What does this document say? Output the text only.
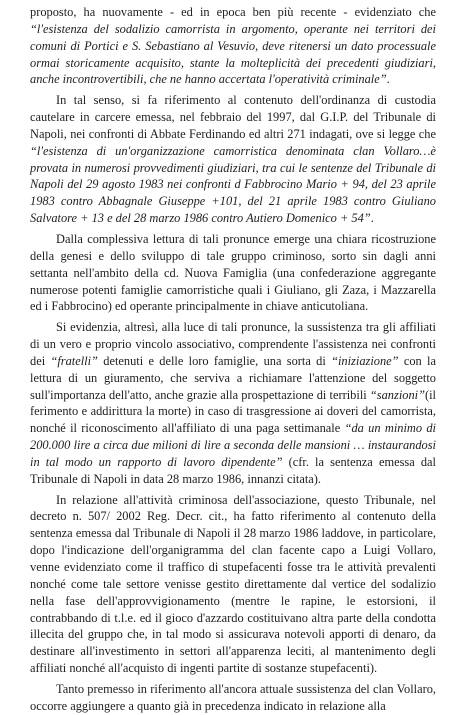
proposto, ha nuovamente - ed in epoca ben più recente - evidenziato che “l'esistenza del sodalizio camorrista in argomento, operante nei territori dei comuni di Portici e S. Sebastiano al Vesuvio, deve ritenersi un dato processuale ormai storicamente acquisito, stante la molteplicità dei precedenti giudiziari, anche incontrovertibili, che ne hanno accertata l'operatività criminale”.

In tal senso, si fa riferimento al contenuto dell'ordinanza di custodia cautelare in carcere emessa, nel febbraio del 1997, dal G.I.P. del Tribunale di Napoli, nei confronti di Abbate Ferdinando ed altri 271 indagati, ove si legge che “l'esistenza di un'organizzazione camorristica denominata clan Vollaro…è provata in numerosi provvedimenti giudiziari, tra cui le sentenze del Tribunale di Napoli del 29 agosto 1983 nei confronti d Fabbrocino Mario + 94, del 23 aprile 1983 contro Abbagnale Giuseppe +101, del 21 aprile 1983 contro Giuliano Salvatore + 13 e del 28 marzo 1986 contro Autiero Domenico + 54”.

Dalla complessiva lettura di tali pronunce emerge una chiara ricostruzione della genesi e dello sviluppo di tale gruppo criminoso, sorto sin dagli anni settanta nell'ambito della cd. Nuova Famiglia (una confederazione aggregante numerose potenti famiglie camorristiche quali i Giuliano, gli Zaza, i Mazzarella ed i Fabbrocino) ed operante principalmente in chiave anticutoliana.

Si evidenzia, altresì, alla luce di tali pronunce, la sussistenza tra gli affiliati di un vero e proprio vincolo associativo, comprendente l'assistenza nei confronti dei “fratelli” detenuti e delle loro famiglie, una sorta di “iniziazione” con la lettura di un giuramento, che serviva a richiamare l'attenzione del soggetto sull'importanza dell'atto, anche grazie alla prospettazione di terribili “sanzioni”(il ferimento e addirittura la morte) in caso di trasgressione ai doveri del camorrista, nonché il riconoscimento all'affiliato di una paga settimanale “da un minimo di 200.000 lire a circa due milioni di lire a seconda delle mansioni … instaurandosi in tal modo un rapporto di lavoro dipendente” (cfr. la sentenza emessa dal Tribunale di Napoli in data 28 marzo 1986, innanzi citata).

In relazione all'attività criminosa dell'associazione, questo Tribunale, nel decreto n. 507/ 2002 Reg. Decr. cit., ha fatto riferimento al contenuto della sentenza emessa dal Tribunale di Napoli il 28 marzo 1986 laddove, in particolare, dopo l'indicazione dell'organigramma del clan facente capo a Luigi Vollaro, venne evidenziato come il traffico di stupefacenti fosse tra le attività prevalenti nonché come tale settore venisse gestito direttamente dal vertice del sodalizio nella fase dell'approvvigionamento (mentre le rapine, le estorsioni, il contrabbando di t.l.e. ed il gioco d'azzardo costituivano altra parte della condotta illecita del gruppo che, in tal modo si assicurava notevoli apporti di denaro, da destinare all'investimento in settori all'apparenza leciti, al mantenimento degli affiliati nonché all'acquisto di ingenti partite di sostanze stupefacenti).

Tanto premesso in riferimento all'ancora attuale sussistenza del clan Vollaro, occorre aggiungere a quanto già in precedenza indicato in relazione alla
